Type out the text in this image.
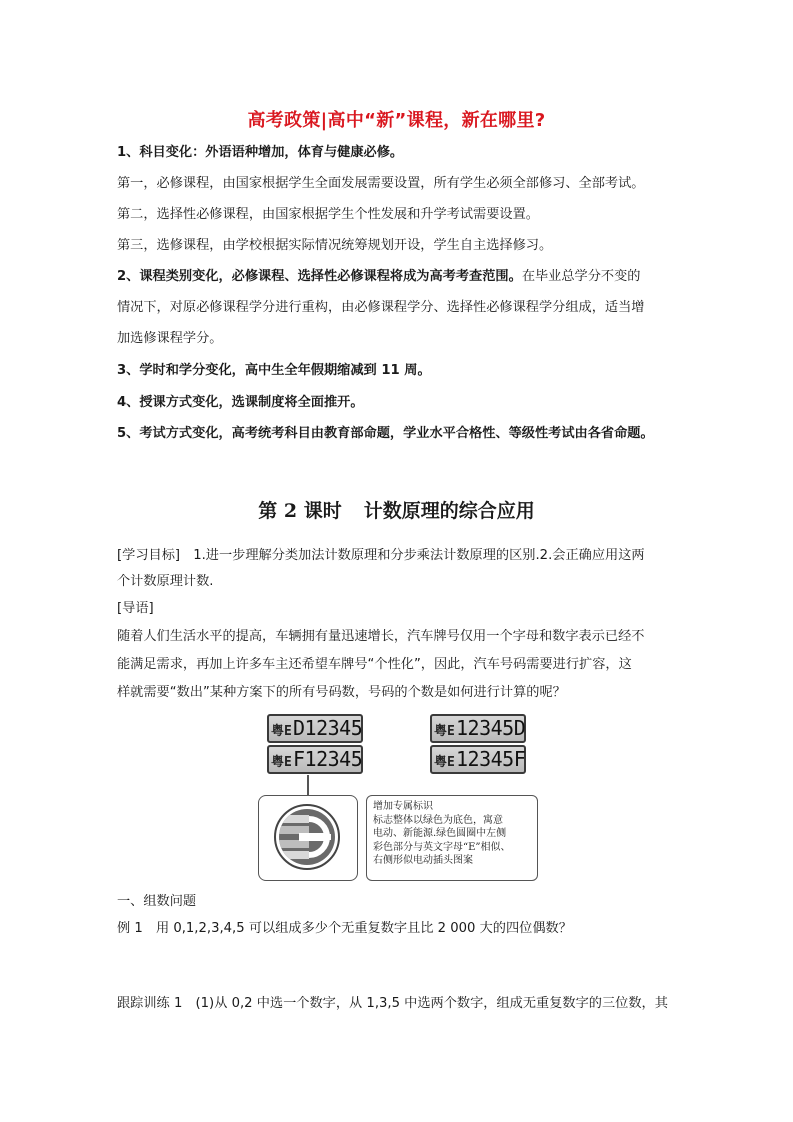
高考政策|高中“新”课程，新在哪里?
1、科目变化：外语语种增加，体育与健康必修。
第一，必修课程，由国家根据学生全面发展需要设置，所有学生必须全部修习、全部考试。
第二，选择性必修课程，由国家根据学生个性发展和升学考试需要设置。
第三，选修课程，由学校根据实际情况统筹规划开设，学生自主选择修习。
2、课程类别变化，必修课程、选择性必修课程将成为高考考查范围。在毕业总学分不变的
情况下，对原必修课程学分进行重构，由必修课程学分、选择性必修课程学分组成，适当增
加选修课程学分。
3、学时和学分变化，高中生全年假期缩减到 11 周。
4、授课方式变化，选课制度将全面推开。
5、考试方式变化，高考统考科目由教育部命题，学业水平合格性、等级性考试由各省命题。
第 2 课时 计数原理的综合应用
[学习目标]　1.进一步理解分类加法计数原理和分步乘法计数原理的区别.2.会正确应用这两
个计数原理计数.
[导语]
随着人们生活水平的提高，车辆拥有量迅速增长，汽车牌号仅用一个字母和数字表示已经不
能满足需求，再加上许多车主还希望车牌号“个性化”，因此，汽车号码需要进行扩容，这
样就需要“数出”某种方案下的所有号码数，号码的个数是如何进行计算的呢？
粤E D12345
粤E F12345
粤E 12345D
粤E 12345F
增加专属标识
标志整体以绿色为底色，寓意
电动、新能源.绿色圆圈中左侧
彩色部分与英文字母“E”相似、
右侧形似电动插头图案
一、组数问题
例 1　用 0,1,2,3,4,5 可以组成多少个无重复数字且比 2 000 大的四位偶数？
跟踪训练 1　(1)从 0,2 中选一个数字，从 1,3,5 中选两个数字，组成无重复数字的三位数，其
